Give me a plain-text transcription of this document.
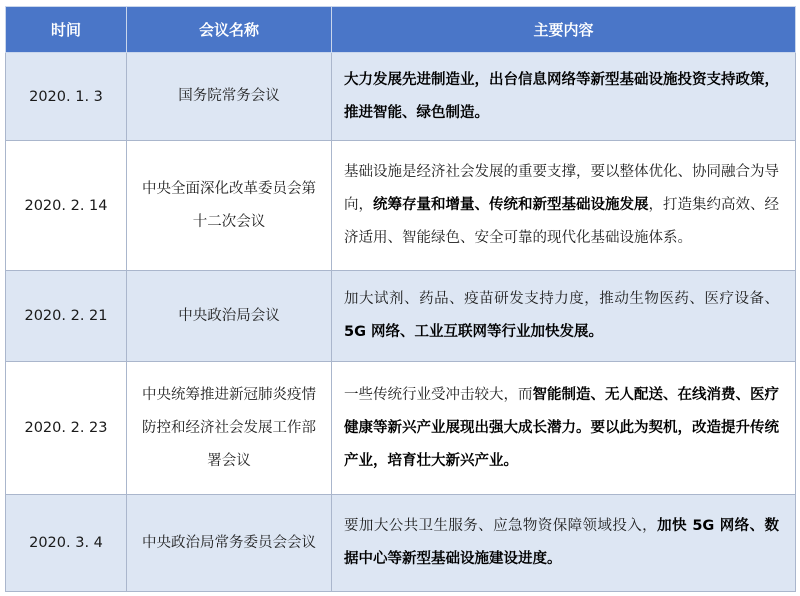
时间	会议名称	主要内容
2020. 1. 3	国务院常务会议	大力发展先进制造业，出台信息网络等新型基础设施投资支持政策，推进智能、绿色制造。
2020. 2. 14	中央全面深化改革委员会第十二次会议	基础设施是经济社会发展的重要支撑，要以整体优化、协同融合为导向，统筹存量和增量、传统和新型基础设施发展，打造集约高效、经济适用、智能绿色、安全可靠的现代化基础设施体系。
2020. 2. 21	中央政治局会议	加大试剂、药品、疫苗研发支持力度，推动生物医药、医疗设备、5G 网络、工业互联网等行业加快发展。
2020. 2. 23	中央统筹推进新冠肺炎疫情防控和经济社会发展工作部署会议	一些传统行业受冲击较大，而智能制造、无人配送、在线消费、医疗健康等新兴产业展现出强大成长潜力。要以此为契机，改造提升传统产业，培育壮大新兴产业。
2020. 3. 4	中央政治局常务委员会会议	要加大公共卫生服务、应急物资保障领域投入，加快 5G 网络、数据中心等新型基础设施建设进度。
